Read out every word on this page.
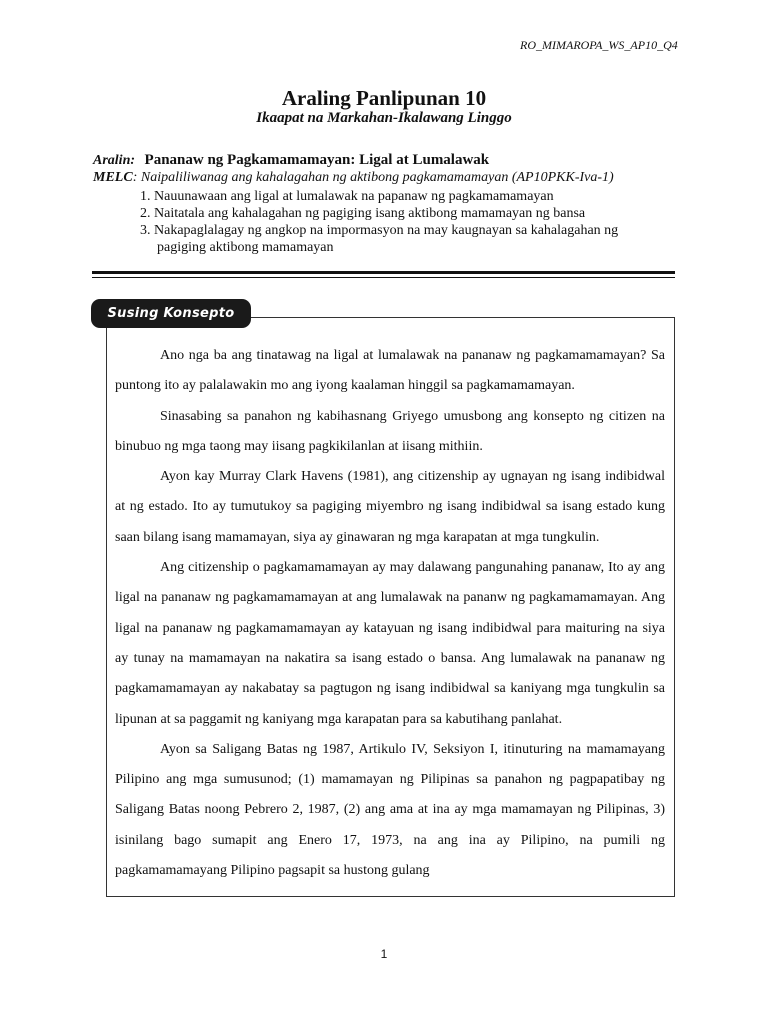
RO_MIMAROPA_WS_AP10_Q4
Araling Panlipunan 10
Ikaapat na Markahan-Ikalawang Linggo
Aralin: Pananaw ng Pagkamamamayan: Ligal at Lumalawak
MELC: Naipaliliwanag ang kahalagahan ng aktibong pagkamamamayan (AP10PKK-Iva-1)

1. Nauunawaan ang ligal at lumalawak na papanaw ng pagkamamamayan

2. Naitatala ang kahalagahan ng pagiging isang aktibong mamamayan ng bansa

3. Nakapaglalagay ng angkop na impormasyon na may kaugnayan sa kahalagahan ng

pagiging aktibong mamamayan

Susing Konsepto

Ano nga ba ang tinatawag na ligal at lumalawak na pananaw ng pagkamamamayan? Sa puntong ito ay palalawakin mo ang iyong kaalaman hinggil sa pagkamamamayan.

Sinasabing sa panahon ng kabihasnang Griyego umusbong ang konsepto ng citizen na binubuo ng mga taong may iisang pagkikilanlan at iisang mithiin.

Ayon kay Murray Clark Havens (1981), ang citizenship ay ugnayan ng isang indibidwal at ng estado. Ito ay tumutukoy sa pagiging miyembro ng isang indibidwal sa isang estado kung saan bilang isang mamamayan, siya ay ginawaran ng mga karapatan at mga tungkulin.

Ang citizenship o pagkamamamayan ay may dalawang pangunahing pananaw, Ito ay ang ligal na pananaw ng pagkamamamayan at ang lumalawak na pananw ng pagkamamamayan. Ang ligal na pananaw ng pagkamamamayan ay katayuan ng isang indibidwal para maituring na siya ay tunay na mamamayan na nakatira sa isang estado o bansa. Ang lumalawak na pananaw ng pagkamamamayan ay nakabatay sa pagtugon ng isang indibidwal sa kaniyang mga tungkulin sa lipunan at sa paggamit ng kaniyang mga karapatan para sa kabutihang panlahat.

Ayon sa Saligang Batas ng 1987, Artikulo IV, Seksiyon I, itinuturing na mamamayang Pilipino ang mga sumusunod; (1) mamamayan ng Pilipinas sa panahon ng pagpapatibay ng Saligang Batas noong Pebrero 2, 1987, (2) ang ama at ina ay mga mamamayan ng Pilipinas, 3) isinilang bago sumapit ang Enero 17, 1973, na ang ina ay Pilipino, na pumili ng pagkamamamayang Pilipino pagsapit sa hustong gulang

1
